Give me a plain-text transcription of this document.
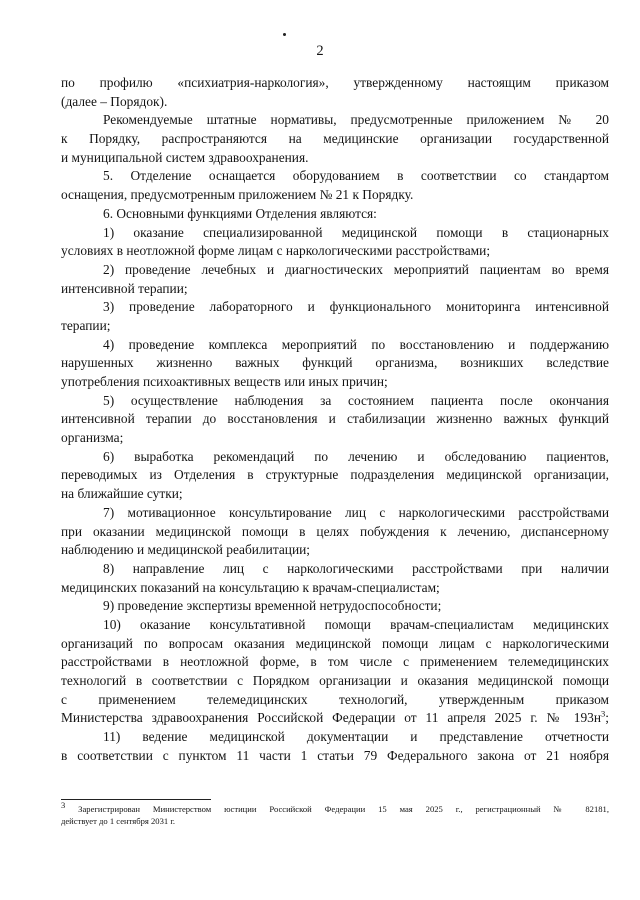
2
по профилю «психиатрия-наркология», утвержденному настоящим приказом
(далее – Порядок).
Рекомендуемые штатные нормативы, предусмотренные приложением № 20
к Порядку, распространяются на медицинские организации государственной
и муниципальной систем здравоохранения.
5. Отделение оснащается оборудованием в соответствии со стандартом
оснащения, предусмотренным приложением № 21 к Порядку.
6. Основными функциями Отделения являются:
1) оказание специализированной медицинской помощи в стационарных
условиях в неотложной форме лицам с наркологическими расстройствами;
2) проведение лечебных и диагностических мероприятий пациентам во время
интенсивной терапии;
3) проведение лабораторного и функционального мониторинга интенсивной
терапии;
4) проведение комплекса мероприятий по восстановлению и поддержанию
нарушенных жизненно важных функций организма, возникших вследствие
употребления психоактивных веществ или иных причин;
5) осуществление наблюдения за состоянием пациента после окончания
интенсивной терапии до восстановления и стабилизации жизненно важных функций
организма;
6) выработка рекомендаций по лечению и обследованию пациентов,
переводимых из Отделения в структурные подразделения медицинской организации,
на ближайшие сутки;
7) мотивационное консультирование лиц с наркологическими расстройствами
при оказании медицинской помощи в целях побуждения к лечению, диспансерному
наблюдению и медицинской реабилитации;
8) направление лиц с наркологическими расстройствами при наличии
медицинских показаний на консультацию к врачам-специалистам;
9) проведение экспертизы временной нетрудоспособности;
10) оказание консультативной помощи врачам-специалистам медицинских
организаций по вопросам оказания медицинской помощи лицам с наркологическими
расстройствами в неотложной форме, в том числе с применением телемедицинских
технологий в соответствии с Порядком организации и оказания медицинской помощи
с применением телемедицинских технологий, утвержденным приказом
Министерства здравоохранения Российской Федерации от 11 апреля 2025 г. № $193н^3$;
11) ведение медицинской документации и представление отчетности
в соответствии с пунктом 11 части 1 статьи 79 Федерального закона от 21 ноября
3 Зарегистрирован Министерством юстиции Российской Федерации 15 мая 2025 г., регистрационный № 82181,
действует до 1 сентября 2031 г.
